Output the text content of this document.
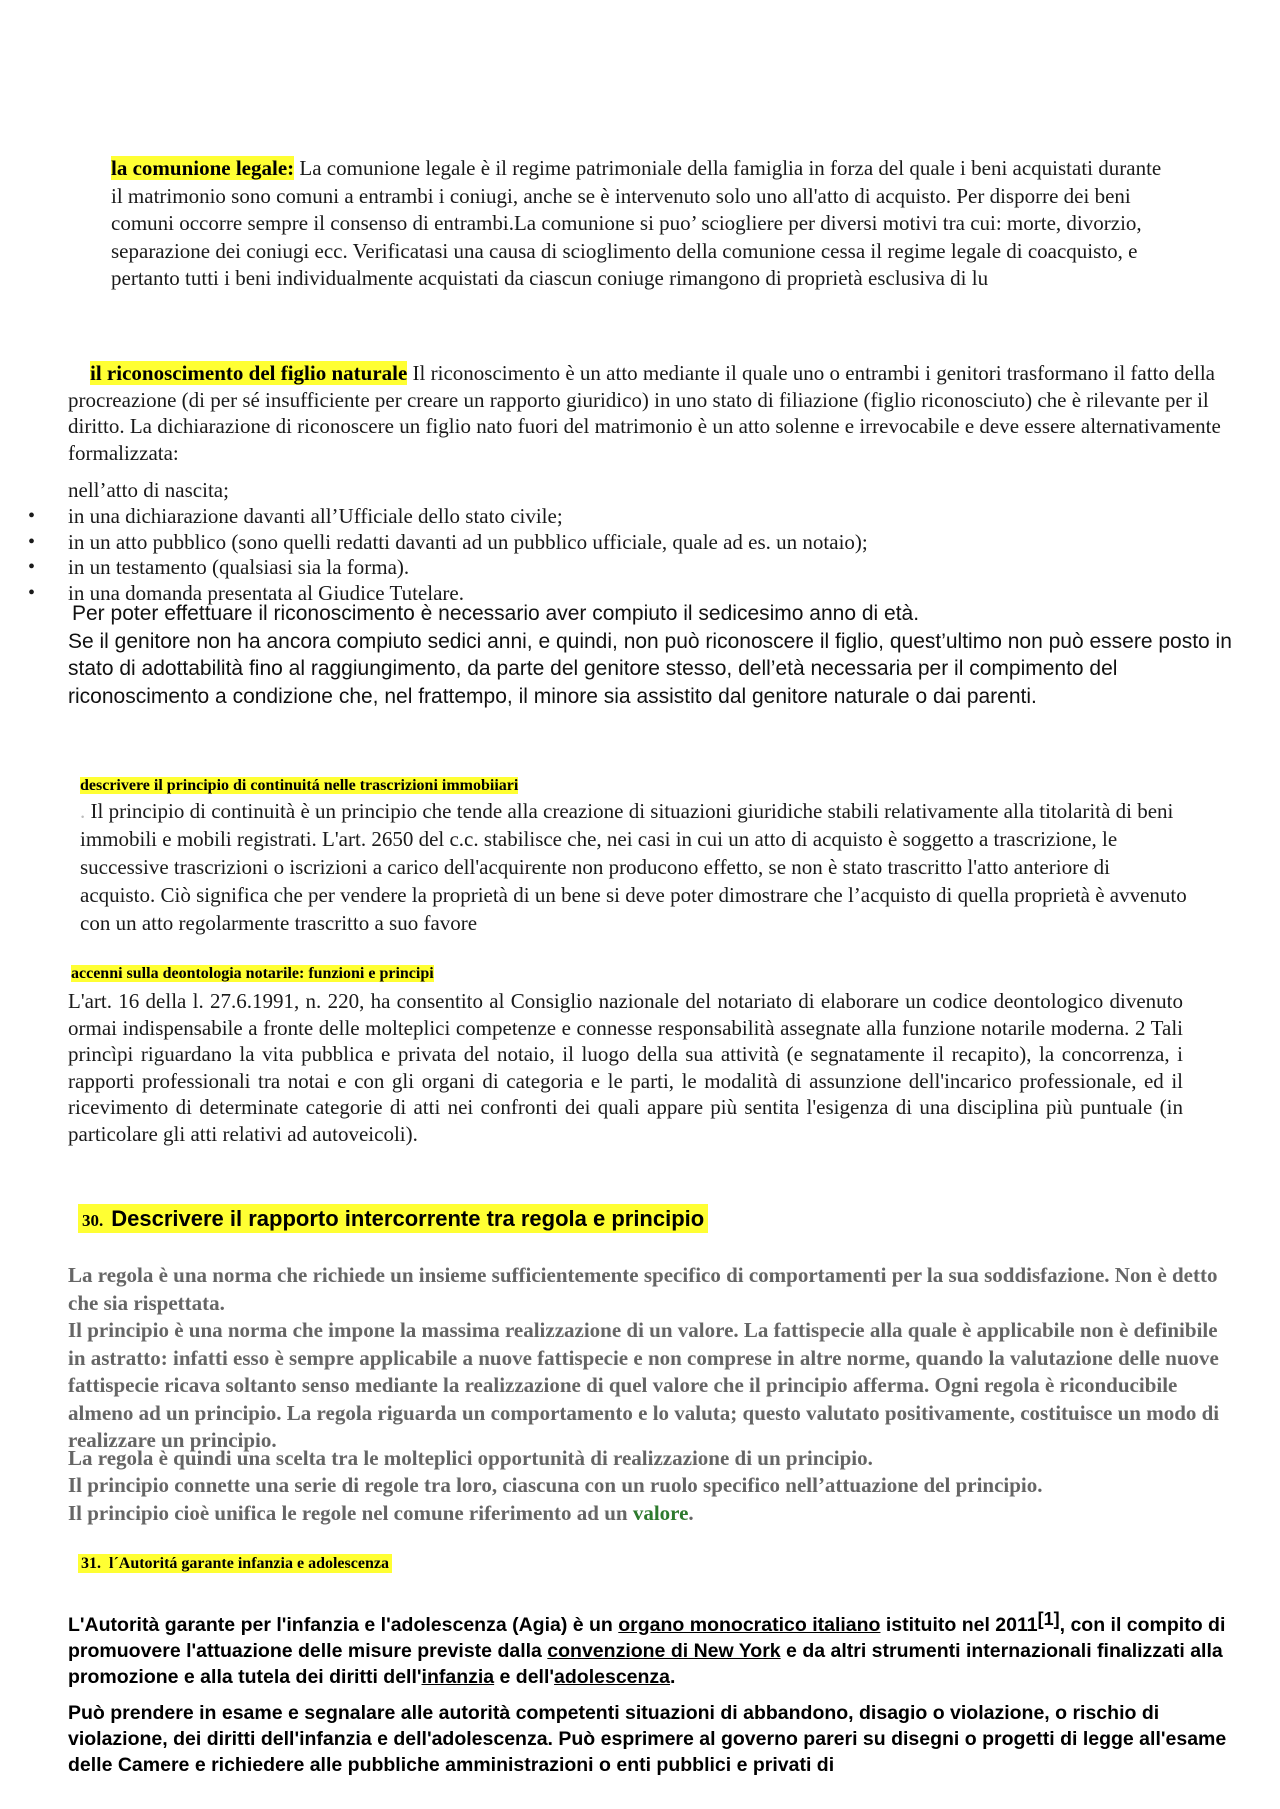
la comunione legale: La comunione legale è il regime patrimoniale della famiglia in forza del quale i beni acquistati durante il matrimonio sono comuni a entrambi i coniugi, anche se è intervenuto solo uno all'atto di acquisto. Per disporre dei beni comuni occorre sempre il consenso di entrambi.La comunione si puo’ sciogliere per diversi motivi tra cui: morte, divorzio, separazione dei coniugi ecc. Verificatasi una causa di scioglimento della comunione cessa il regime legale di coacquisto, e pertanto tutti i beni individualmente acquistati da ciascun coniuge rimangono di proprietà esclusiva di lu
il riconoscimento del figlio naturale Il riconoscimento è un atto mediante il quale uno o entrambi i genitori trasformano il fatto della procreazione (di per sé insufficiente per creare un rapporto giuridico) in uno stato di filiazione (figlio riconosciuto) che è rilevante per il diritto. La dichiarazione di riconoscere un figlio nato fuori del matrimonio è un atto solenne e irrevocabile e deve essere alternativamente formalizzata:
nell’atto di nascita;
• in una dichiarazione davanti all’Ufficiale dello stato civile;
• in un atto pubblico (sono quelli redatti davanti ad un pubblico ufficiale, quale ad es. un notaio);
• in un testamento (qualsiasi sia la forma).
• in una domanda presentata al Giudice Tutelare.
Per poter effettuare il riconoscimento è necessario aver compiuto il sedicesimo anno di età.
Se il genitore non ha ancora compiuto sedici anni, e quindi, non può riconoscere il figlio, quest’ultimo non può essere posto in stato di adottabilità fino al raggiungimento, da parte del genitore stesso, dell’età necessaria per il compimento del riconoscimento a condizione che, nel frattempo, il minore sia assistito dal genitore naturale o dai parenti.
descrivere il principio di continuitá nelle trascrizioni immobiiari
. Il principio di continuità è un principio che tende alla creazione di situazioni giuridiche stabili relativamente alla titolarità di beni immobili e mobili registrati. L'art. 2650 del c.c. stabilisce che, nei casi in cui un atto di acquisto è soggetto a trascrizione, le successive trascrizioni o iscrizioni a carico dell'acquirente non producono effetto, se non è stato trascritto l'atto anteriore di acquisto. Ciò significa che per vendere la proprietà di un bene si deve poter dimostrare che l’acquisto di quella proprietà è avvenuto con un atto regolarmente trascritto a suo favore
accenni sulla deontologia notarile: funzioni e principi
L'art. 16 della l. 27.6.1991, n. 220, ha consentito al Consiglio nazionale del notariato di elaborare un codice deontologico divenuto ormai indispensabile a fronte delle molteplici competenze e connesse responsabilità assegnate alla funzione notarile moderna. 2 Tali princìpi riguardano la vita pubblica e privata del notaio, il luogo della sua attività (e segnatamente il recapito), la concorrenza, i rapporti professionali tra notai e con gli organi di categoria e le parti, le modalità di assunzione dell'incarico professionale, ed il ricevimento di determinate categorie di atti nei confronti dei quali appare più sentita l'esigenza di una disciplina più puntuale (in particolare gli atti relativi ad autoveicoli).
30. Descrivere il rapporto intercorrente tra regola e principio
La regola è una norma che richiede un insieme sufficientemente specifico di comportamenti per la sua soddisfazione. Non è detto che sia rispettata.
Il principio è una norma che impone la massima realizzazione di un valore. La fattispecie alla quale è applicabile non è definibile in astratto: infatti esso è sempre applicabile a nuove fattispecie e non comprese in altre norme, quando la valutazione delle nuove fattispecie ricava soltanto senso mediante la realizzazione di quel valore che il principio afferma. Ogni regola è riconducibile almeno ad un principio. La regola riguarda un comportamento e lo valuta; questo valutato positivamente, costituisce un modo di realizzare un principio.
La regola è quindi una scelta tra le molteplici opportunità di realizzazione di un principio.
Il principio connette una serie di regole tra loro, ciascuna con un ruolo specifico nell’attuazione del principio.
Il principio cioè unifica le regole nel comune riferimento ad un valore.
31. l´Autoritá garante infanzia e adolescenza
L'Autorità garante per l'infanzia e l'adolescenza (Agia) è un organo monocratico italiano istituito nel 2011[1], con il compito di promuovere l'attuazione delle misure previste dalla convenzione di New York e da altri strumenti internazionali finalizzati alla promozione e alla tutela dei diritti dell'infanzia e dell'adolescenza.
Può prendere in esame e segnalare alle autorità competenti situazioni di abbandono, disagio o violazione, o rischio di violazione, dei diritti dell'infanzia e dell'adolescenza. Può esprimere al governo pareri su disegni o progetti di legge all'esame delle Camere e richiedere alle pubbliche amministrazioni o enti pubblici e privati di
